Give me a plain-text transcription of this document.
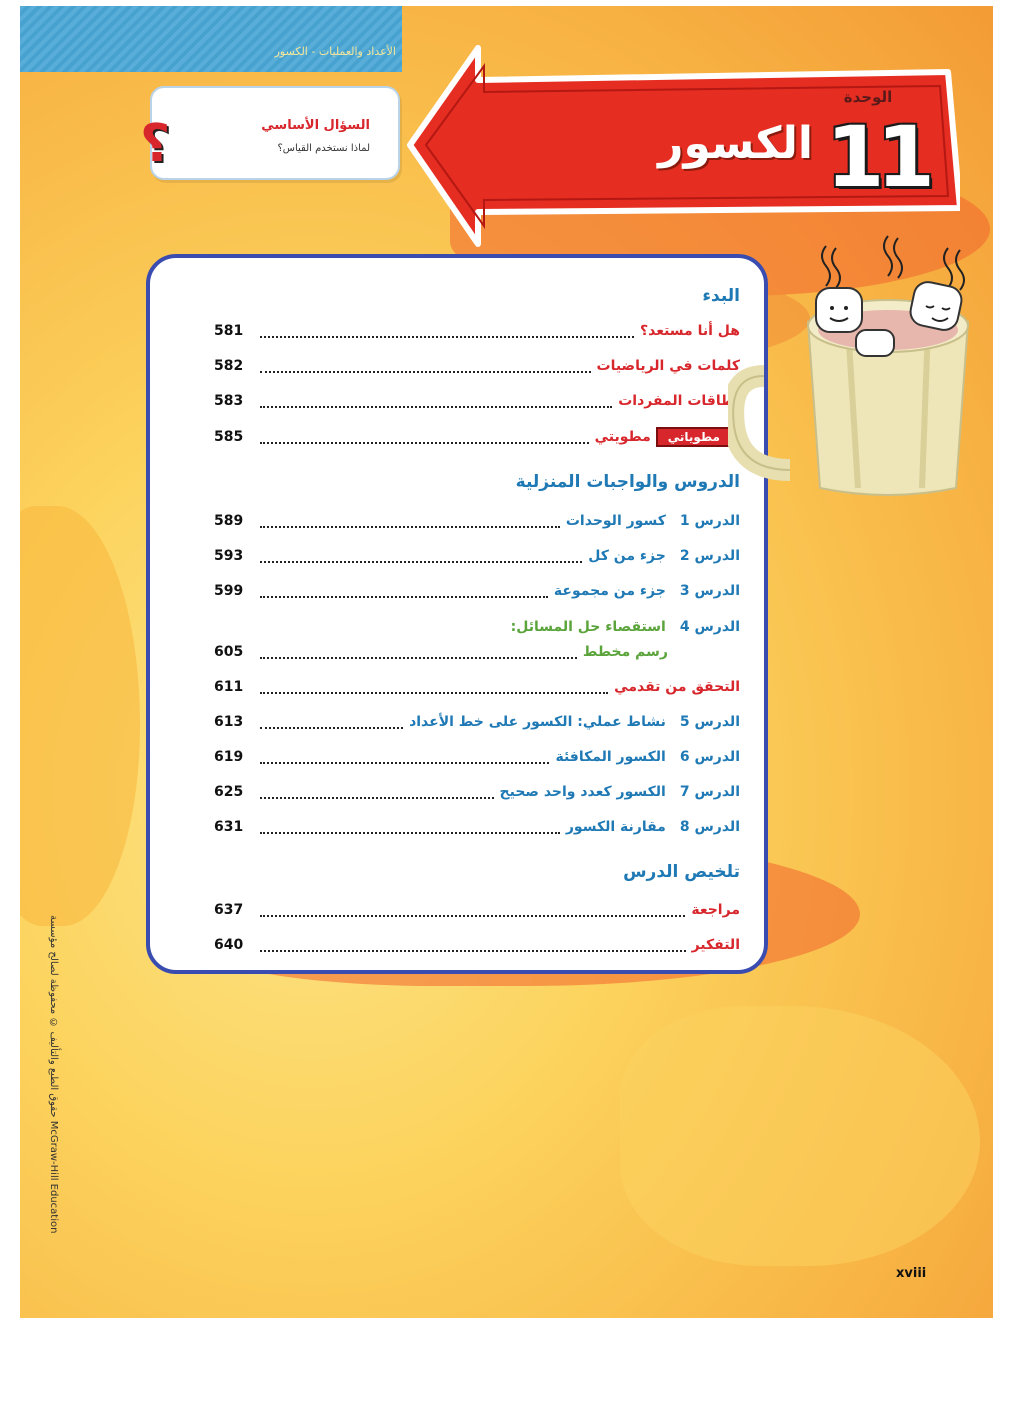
الأعداد والعمليات - الكسور
الوحدة
11
الكسور
السؤال الأساسي
لماذا نستخدم القياس؟
؟
البدء
581	هل أنا مستعد؟
582	كلمات في الرياضيات
583	بطاقات المفردات
585	مطوياتي مطويتي
الدروس والواجبات المنزلية
589	الدرس 1كسور الوحدات
593	الدرس 2جزء من كل
599	الدرس 3جزء من مجموعة
الدرس 4استقصاء حل المسائل:
605	رسم مخطط
611	التحقق من تقدمي
613	الدرس 5نشاط عملي: الكسور على خط الأعداد
619	الدرس 6الكسور المكافئة
625	الدرس 7الكسور كعدد واحد صحيح
631	الدرس 8مقارنة الكسور
تلخيص الدرس
637	مراجعة
640	التفكير
حقوق الطبع والتأليف © محفوظة لصالح مؤسسة McGraw-Hill Education
xviii
